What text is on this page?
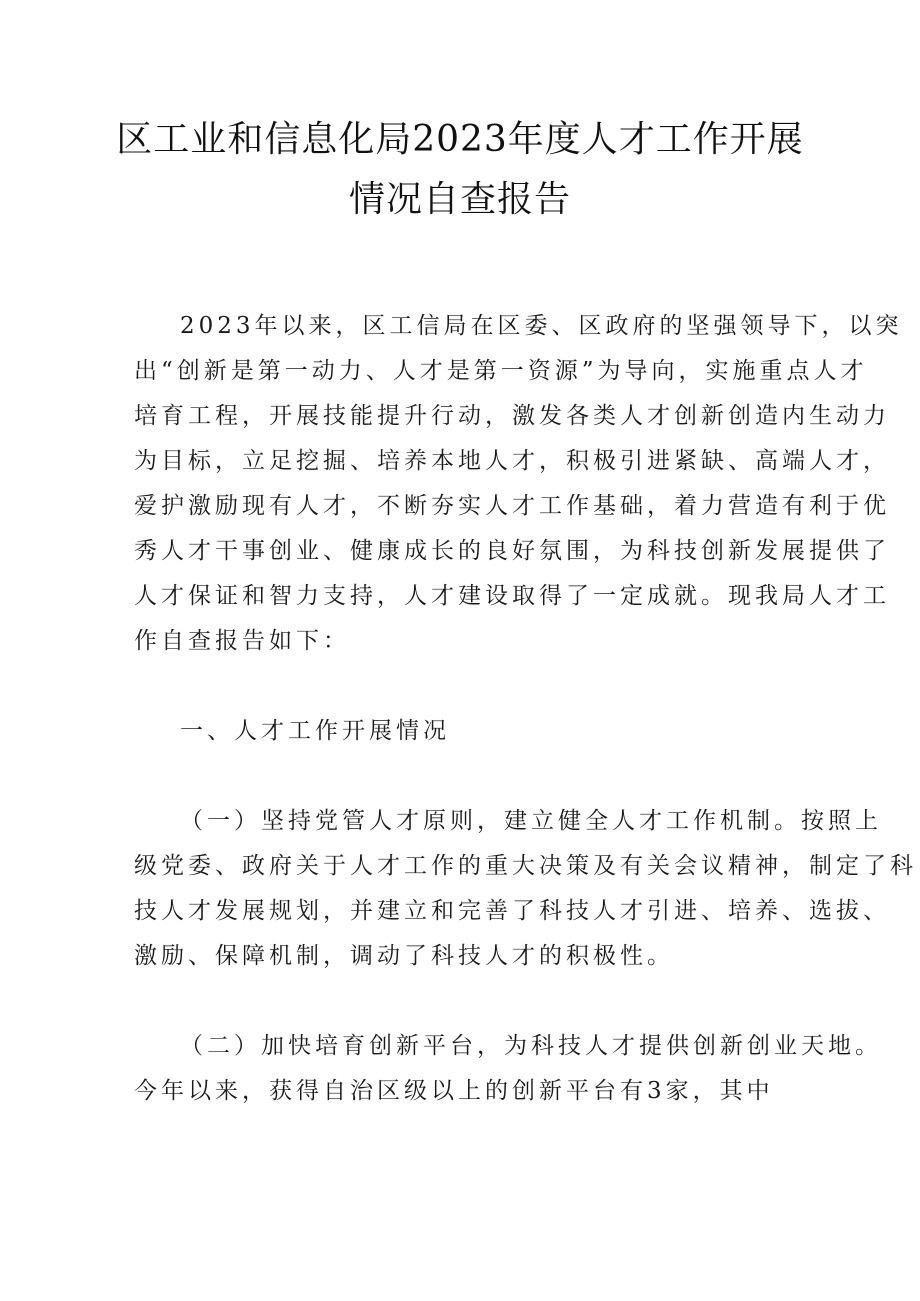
区工业和信息化局2023年度人才工作开展
情况自查报告
2023年以来，区工信局在区委、区政府的坚强领导下，以突
出“创新是第一动力、人才是第一资源”为导向，实施重点人才
培育工程，开展技能提升行动，激发各类人才创新创造内生动力
为目标，立足挖掘、培养本地人才，积极引进紧缺、高端人才，
爱护激励现有人才，不断夯实人才工作基础，着力营造有利于优
秀人才干事创业、健康成长的良好氛围，为科技创新发展提供了
人才保证和智力支持，人才建设取得了一定成就。现我局人才工
作自查报告如下：
一、人才工作开展情况
（一）坚持党管人才原则，建立健全人才工作机制。按照上
级党委、政府关于人才工作的重大决策及有关会议精神，制定了科
技人才发展规划，并建立和完善了科技人才引进、培养、选拔、
激励、保障机制，调动了科技人才的积极性。
（二）加快培育创新平台，为科技人才提供创新创业天地。
今年以来，获得自治区级以上的创新平台有3家，其中
